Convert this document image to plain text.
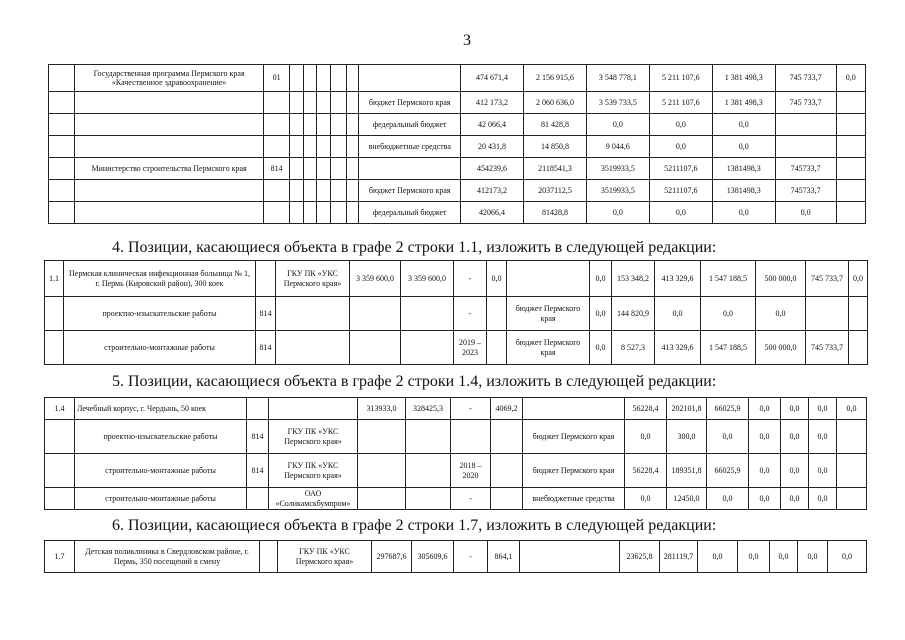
3
	Государственная программа Пермского края «Качественное здравоохранение»	01							474 671,4	2 156 915,6	3 548 778,1	5 211 107,6	1 381 498,3	745 733,7	0,0
								бюджет Пермского края	412 173,2	2 060 636,0	3 539 733,5	5 211 107,6	1 381 498,3	745 733,7	
								федеральный бюджет	42 066,4	81 428,8	0,0	0,0	0,0		
								внебюджетные средства	20 431,8	14 850,8	9 044,6	0,0	0,0		
	Министерство строительства Пермского края	814							454239,6	2118541,3	3519933,5	5211107,6	1381498,3	745733,7	
								бюджет Пермского края	412173,2	2037112,5	3519933,5	5211107,6	1381498,3	745733,7	
								федеральный бюджет	42066,4	81428,8	0,0	0,0	0,0	0,0	
4. Позиции, касающиеся объекта в графе 2 строки 1.1, изложить в следующей редакции:
1.1	Пермская клиническая инфекционная больница № 1, г. Пермь (Кировский район), 300 коек		ГКУ ПК «УКС Пермского края»	3 359 600,0	3 359 600,0	-	0,0		0,0	153 348,2	413 329,6	1 547 188,5	500 000,0	745 733,7	0,0
	проектно-изыскательские работы	814				-		бюджет Пермского края	0,0	144 820,9	0,0	0,0	0,0		
	строительно-монтажные работы	814				2019 – 2023		бюджет Пермского края	0,0	8 527,3	413 329,6	1 547 188,5	500 000,0	745 733,7	
5. Позиции, касающиеся объекта в графе 2 строки 1.4, изложить в следующей редакции:
1.4	Лечебный корпус, г. Чердынь, 50 коек			313933,0	328425,3	-	4069,2		56228,4	202101,8	66025,9	0,0	0,0	0,0	0,0
	проектно-изыскательские работы	814	ГКУ ПК «УКС Пермского края»					бюджет Пермского края	0,0	300,0	0,0	0,0	0,0	0,0	
	строительно-монтажные работы	814	ГКУ ПК «УКС Пермского края»			2018 – 2020		бюджет Пермского края	56228,4	189351,8	66025,9	0,0	0,0	0,0	
	строительно-монтажные работы		ОАО «Соликамскбумпром»			-		внебюджетные средства	0,0	12450,0	0,0	0,0	0,0	0,0	
6. Позиции, касающиеся объекта в графе 2 строки 1.7, изложить в следующей редакции:
1.7	Детская поликлиника в Свердловском районе, г. Пермь, 350 посещений в смену		ГКУ ПК «УКС Пермского края»	297687,6	305609,6	-	864,1		23625,8	281119,7	0,0	0,0	0,0	0,0	0,0
